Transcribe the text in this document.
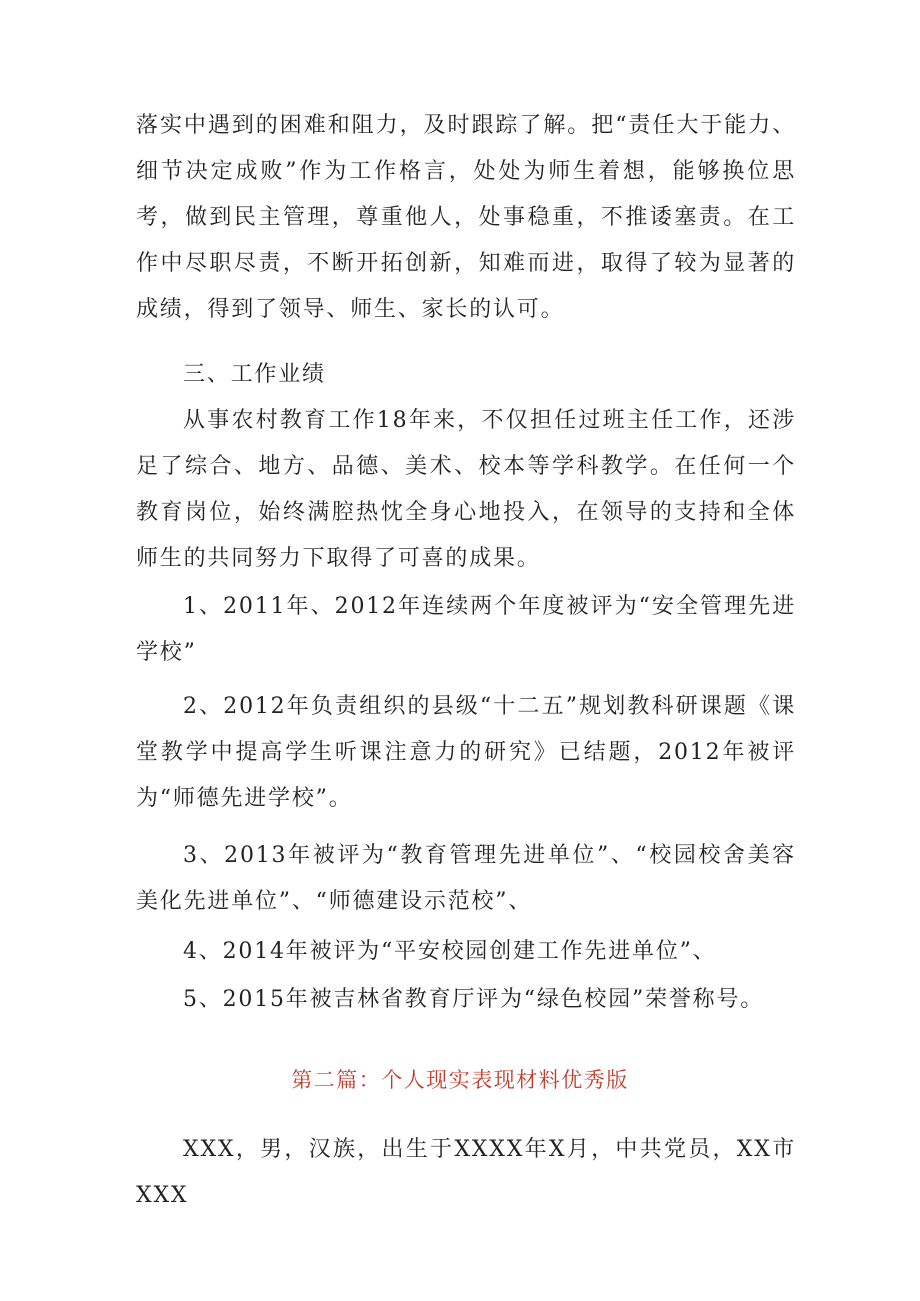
落实中遇到的困难和阻力，及时跟踪了解。把“责任大于能力、细节决定成败”作为工作格言，处处为师生着想，能够换位思考，做到民主管理，尊重他人，处事稳重，不推诿塞责。在工作中尽职尽责，不断开拓创新，知难而进，取得了较为显著的成绩，得到了领导、师生、家长的认可。

三、工作业绩

从事农村教育工作18年来，不仅担任过班主任工作，还涉足了综合、地方、品德、美术、校本等学科教学。在任何一个教育岗位，始终满腔热忱全身心地投入，在领导的支持和全体师生的共同努力下取得了可喜的成果。

1、2011年、2012年连续两个年度被评为“安全管理先进学校”

2、2012年负责组织的县级“十二五”规划教科研课题《课堂教学中提高学生听课注意力的研究》已结题，2012年被评为“师德先进学校”。

3、2013年被评为“教育管理先进单位”、“校园校舍美容美化先进单位”、“师德建设示范校”、

4、2014年被评为“平安校园创建工作先进单位”、

5、2015年被吉林省教育厅评为“绿色校园”荣誉称号。

第二篇：个人现实表现材料优秀版

XXX，男，汉族，出生于XXXX年X月，中共党员，XX市XXX
